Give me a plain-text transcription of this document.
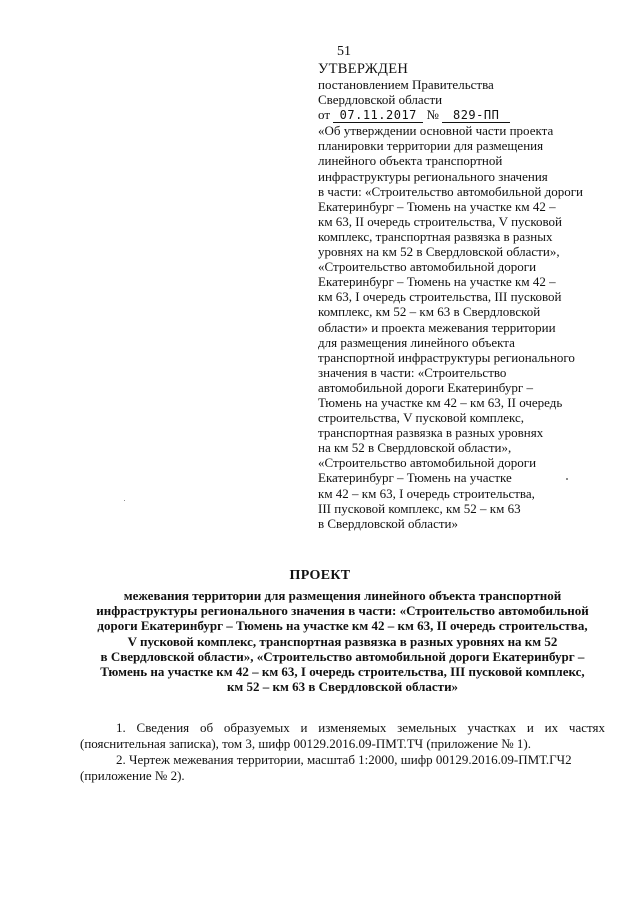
51
УТВЕРЖДЕН
постановлением Правительства
Свердловской области
от 07.11.2017 № 829-ПП
«Об утверждении основной части проекта
планировки территории для размещения
линейного объекта транспортной
инфраструктуры регионального значения
в части: «Строительство автомобильной дороги
Екатеринбург – Тюмень на участке км 42 –
км 63, II очередь строительства, V пусковой
комплекс, транспортная развязка в разных
уровнях на км 52 в Свердловской области»,
«Строительство автомобильной дороги
Екатеринбург – Тюмень на участке км 42 –
км 63, I очередь строительства, III пусковой
комплекс, км 52 – км 63 в Свердловской
области» и проекта межевания территории
для размещения линейного объекта
транспортной инфраструктуры регионального
значения в части: «Строительство
автомобильной дороги Екатеринбург –
Тюмень на участке км 42 – км 63, II очередь
строительства, V пусковой комплекс,
транспортная развязка в разных уровнях
на км 52 в Свердловской области»,
«Строительство автомобильной дороги
Екатеринбург – Тюмень на участке
км 42 – км 63, I очередь строительства,
III пусковой комплекс, км 52 – км 63
в Свердловской области»
ПРОЕКТ
межевания территории для размещения линейного объекта транспортной
инфраструктуры регионального значения в части: «Строительство автомобильной
дороги Екатеринбург – Тюмень на участке км 42 – км 63, II очередь строительства,
V пусковой комплекс, транспортная развязка в разных уровнях на км 52
в Свердловской области», «Строительство автомобильной дороги Екатеринбург –
Тюмень на участке км 42 – км 63, I очередь строительства, III пусковой комплекс,
км 52 – км 63 в Свердловской области»
1. Сведения об образуемых и изменяемых земельных участках и их частях
(пояснительная записка), том 3, шифр 00129.2016.09-ПМТ.ТЧ (приложение № 1).
2. Чертеж межевания территории, масштаб 1:2000, шифр 00129.2016.09-ПМТ.ГЧ2
(приложение № 2).
